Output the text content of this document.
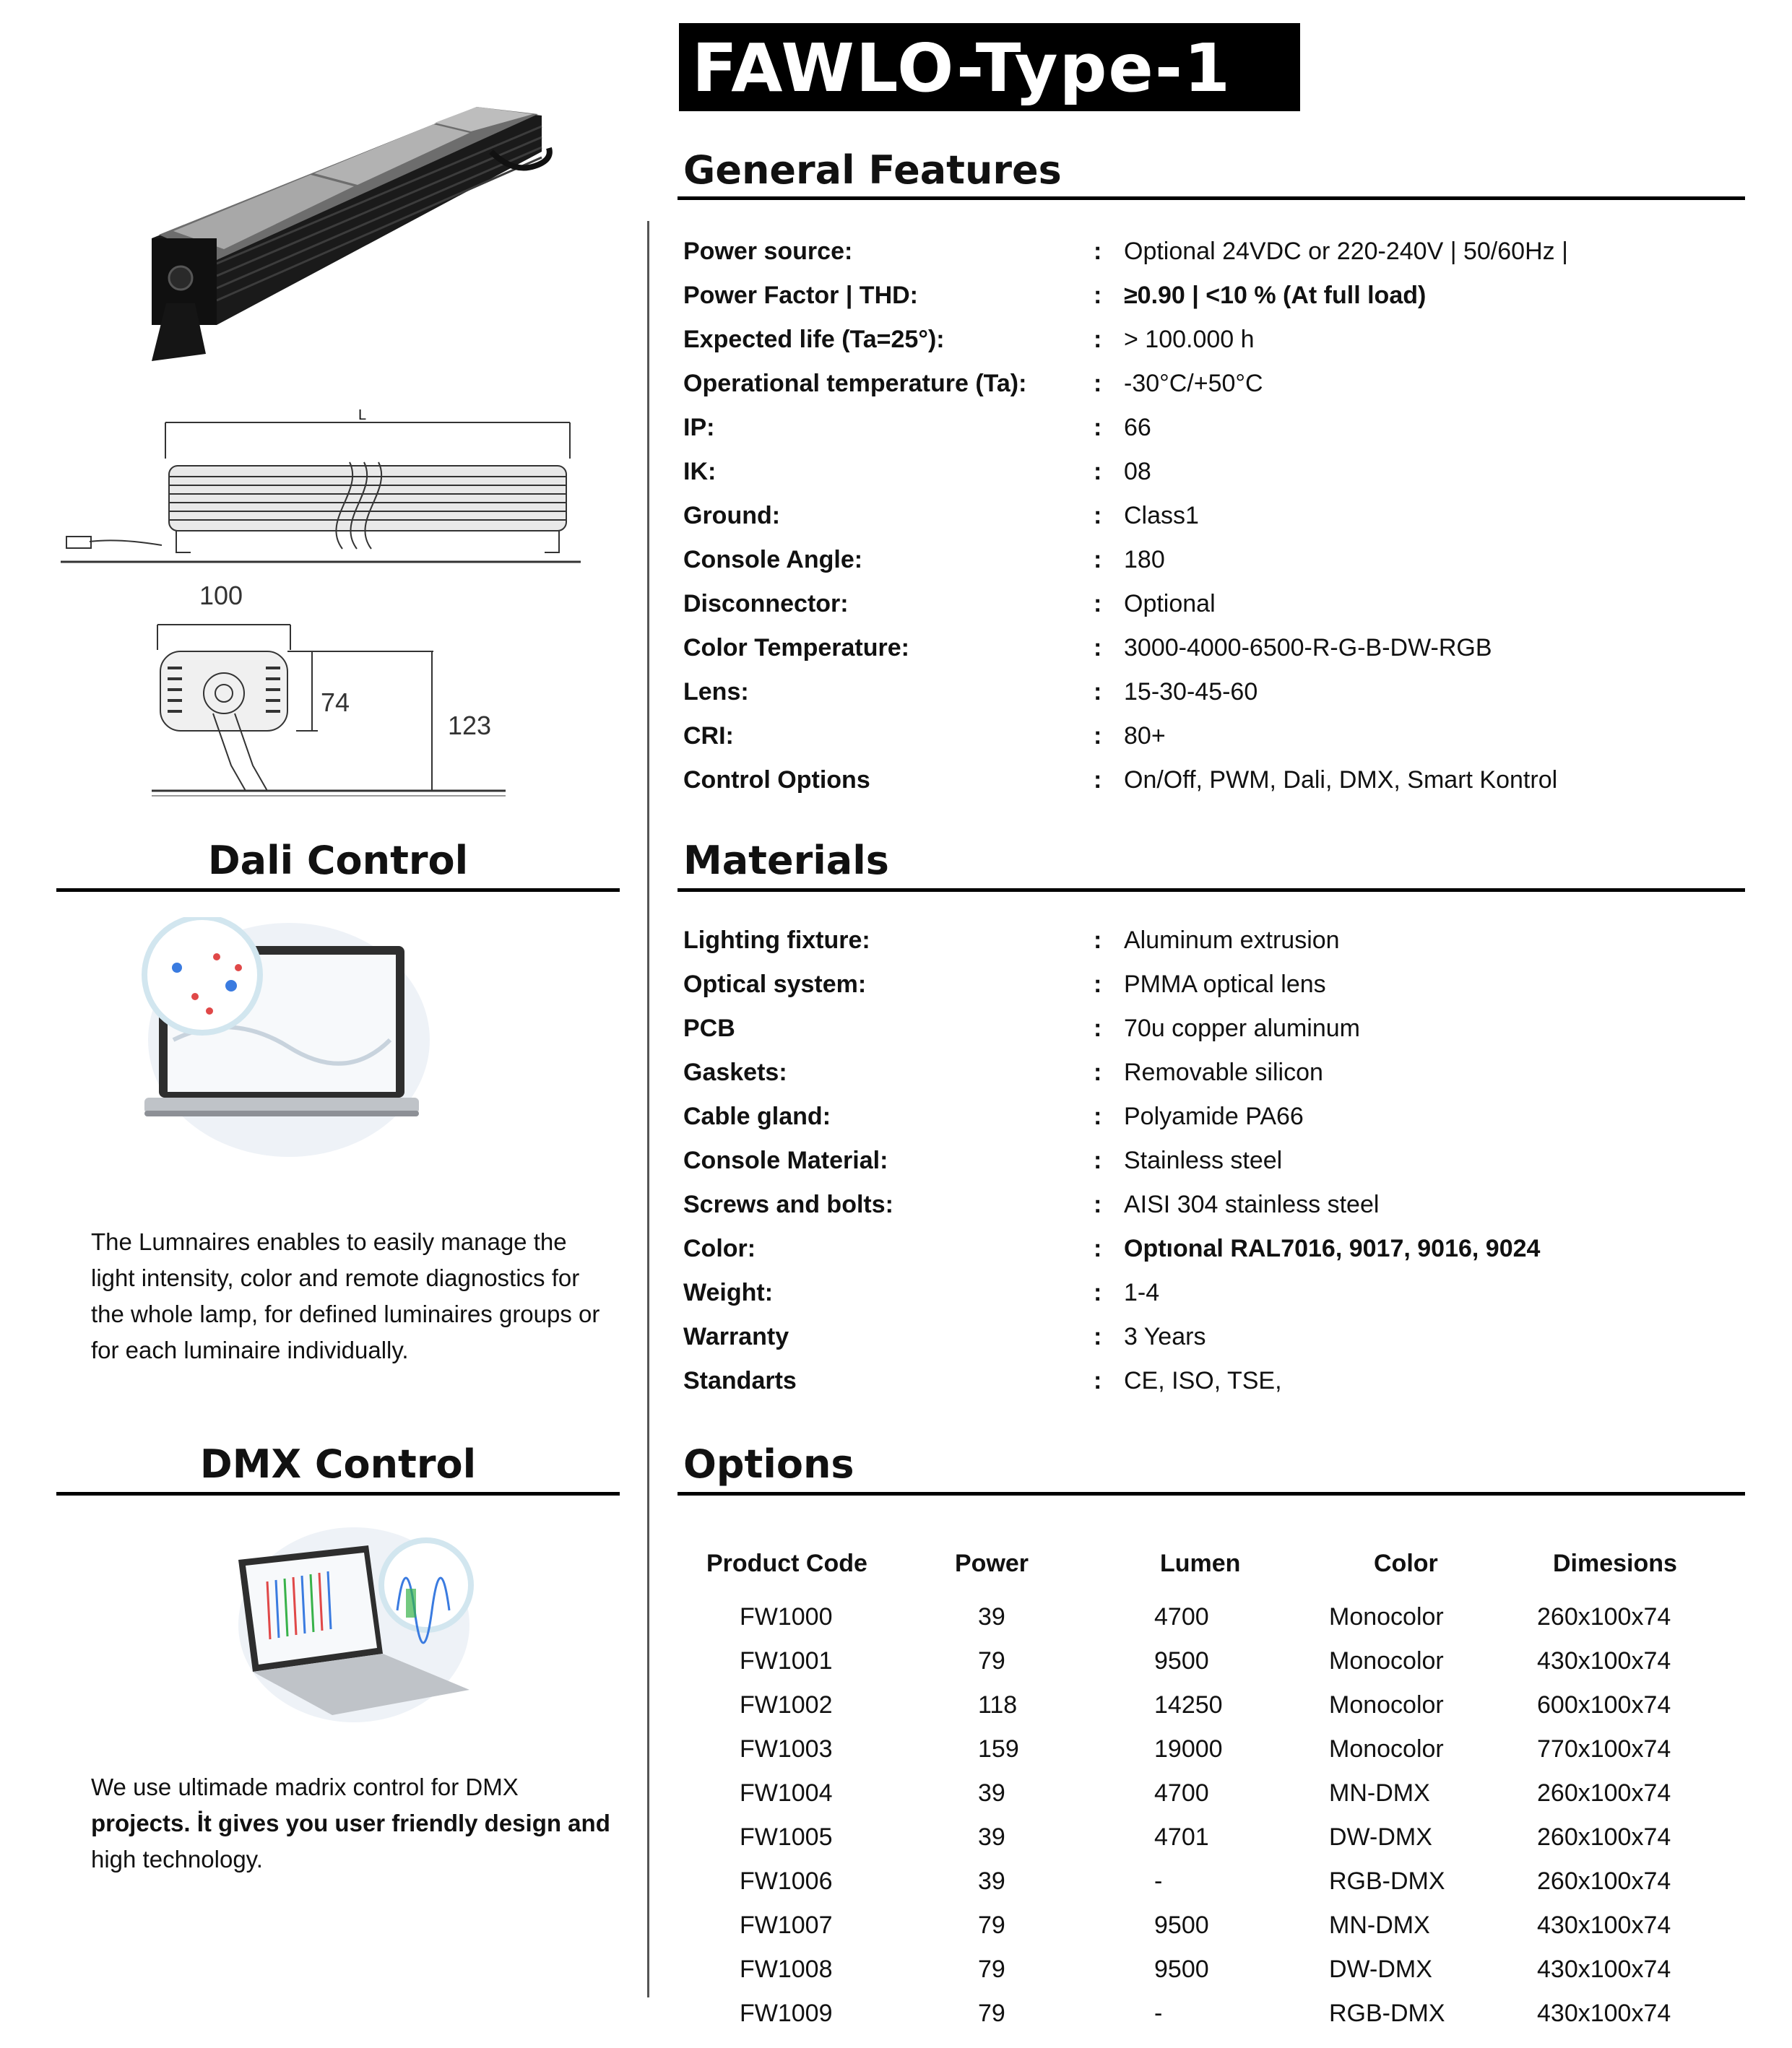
FAWLO-Type-1
L
100
74
123
Dali Control
The Lumnaires enables to easily manage the light intensity, color and remote diagnostics for the whole lamp, for defined luminaires groups or for each luminaire individually.
DMX Control
We use ultimade madrix control for DMX
projects. İt gives you user friendly design and
high technology.
General Features
Power source:	: Optional 24VDC or 220-240V | 50/60Hz |
Power Factor | THD:	: ≥0.90 | <10 % (At full load)
Expected life (Ta=25°):	: > 100.000 h
Operational temperature (Ta):	: -30°C/+50°C
IP:	: 66
IK:	: 08
Ground:	: Class1
Console Angle:	: 180
Disconnector:	: Optional
Color Temperature:	: 3000-4000-6500-R-G-B-DW-RGB
Lens:	: 15-30-45-60
CRI:	: 80+
Control Options	: On/Off, PWM, Dali, DMX, Smart Kontrol
Materials
Lighting fixture:	: Aluminum extrusion
Optical system:	: PMMA optical lens
PCB	: 70u copper aluminum
Gaskets:	: Removable silicon
Cable gland:	: Polyamide PA66
Console Material:	: Stainless steel
Screws and bolts:	: AISI 304 stainless steel
Color:	: Optıonal RAL7016, 9017, 9016, 9024
Weight:	: 1-4
Warranty	: 3 Years
Standarts	: CE, ISO, TSE,
Options
Product Code	Power	Lumen	Color	Dimesions
FW1000	39	4700	Monocolor	260x100x74
FW1001	79	9500	Monocolor	430x100x74
FW1002	118	14250	Monocolor	600x100x74
FW1003	159	19000	Monocolor	770x100x74
FW1004	39	4700	MN-DMX	260x100x74
FW1005	39	4701	DW-DMX	260x100x74
FW1006	39	-	RGB-DMX	260x100x74
FW1007	79	9500	MN-DMX	430x100x74
FW1008	79	9500	DW-DMX	430x100x74
FW1009	79	-	RGB-DMX	430x100x74
